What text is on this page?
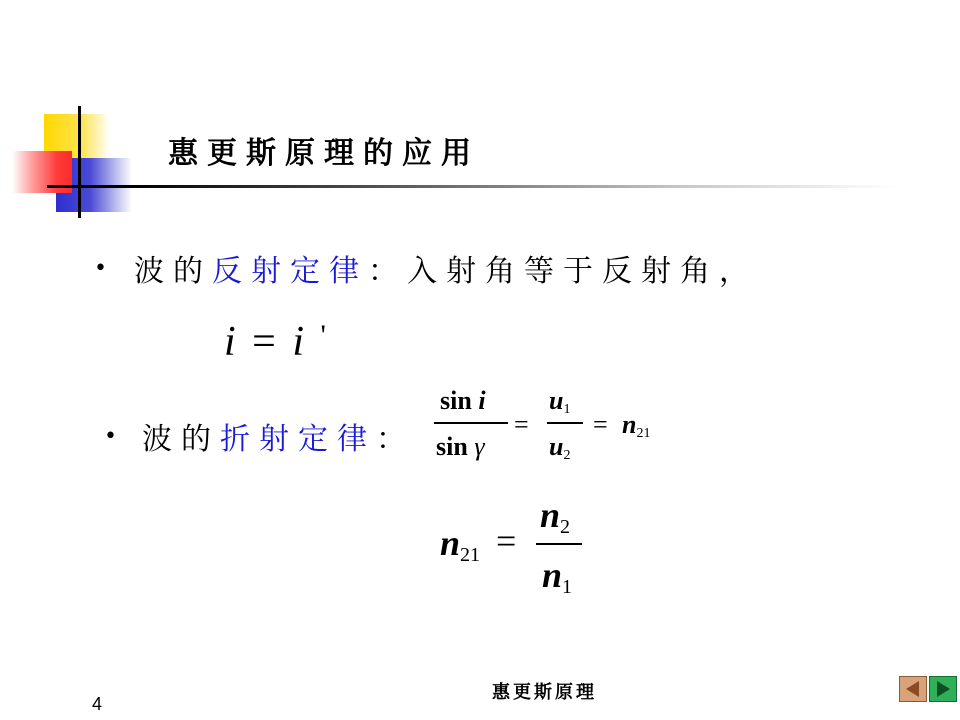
惠更斯原理的应用
• 波的反射定律：入射角等于反射角，
i = i '
• 波的折射定律：
sin i
sin γ
=
u1
u2
= n21
n21 =
n2
n1
惠更斯原理
4
